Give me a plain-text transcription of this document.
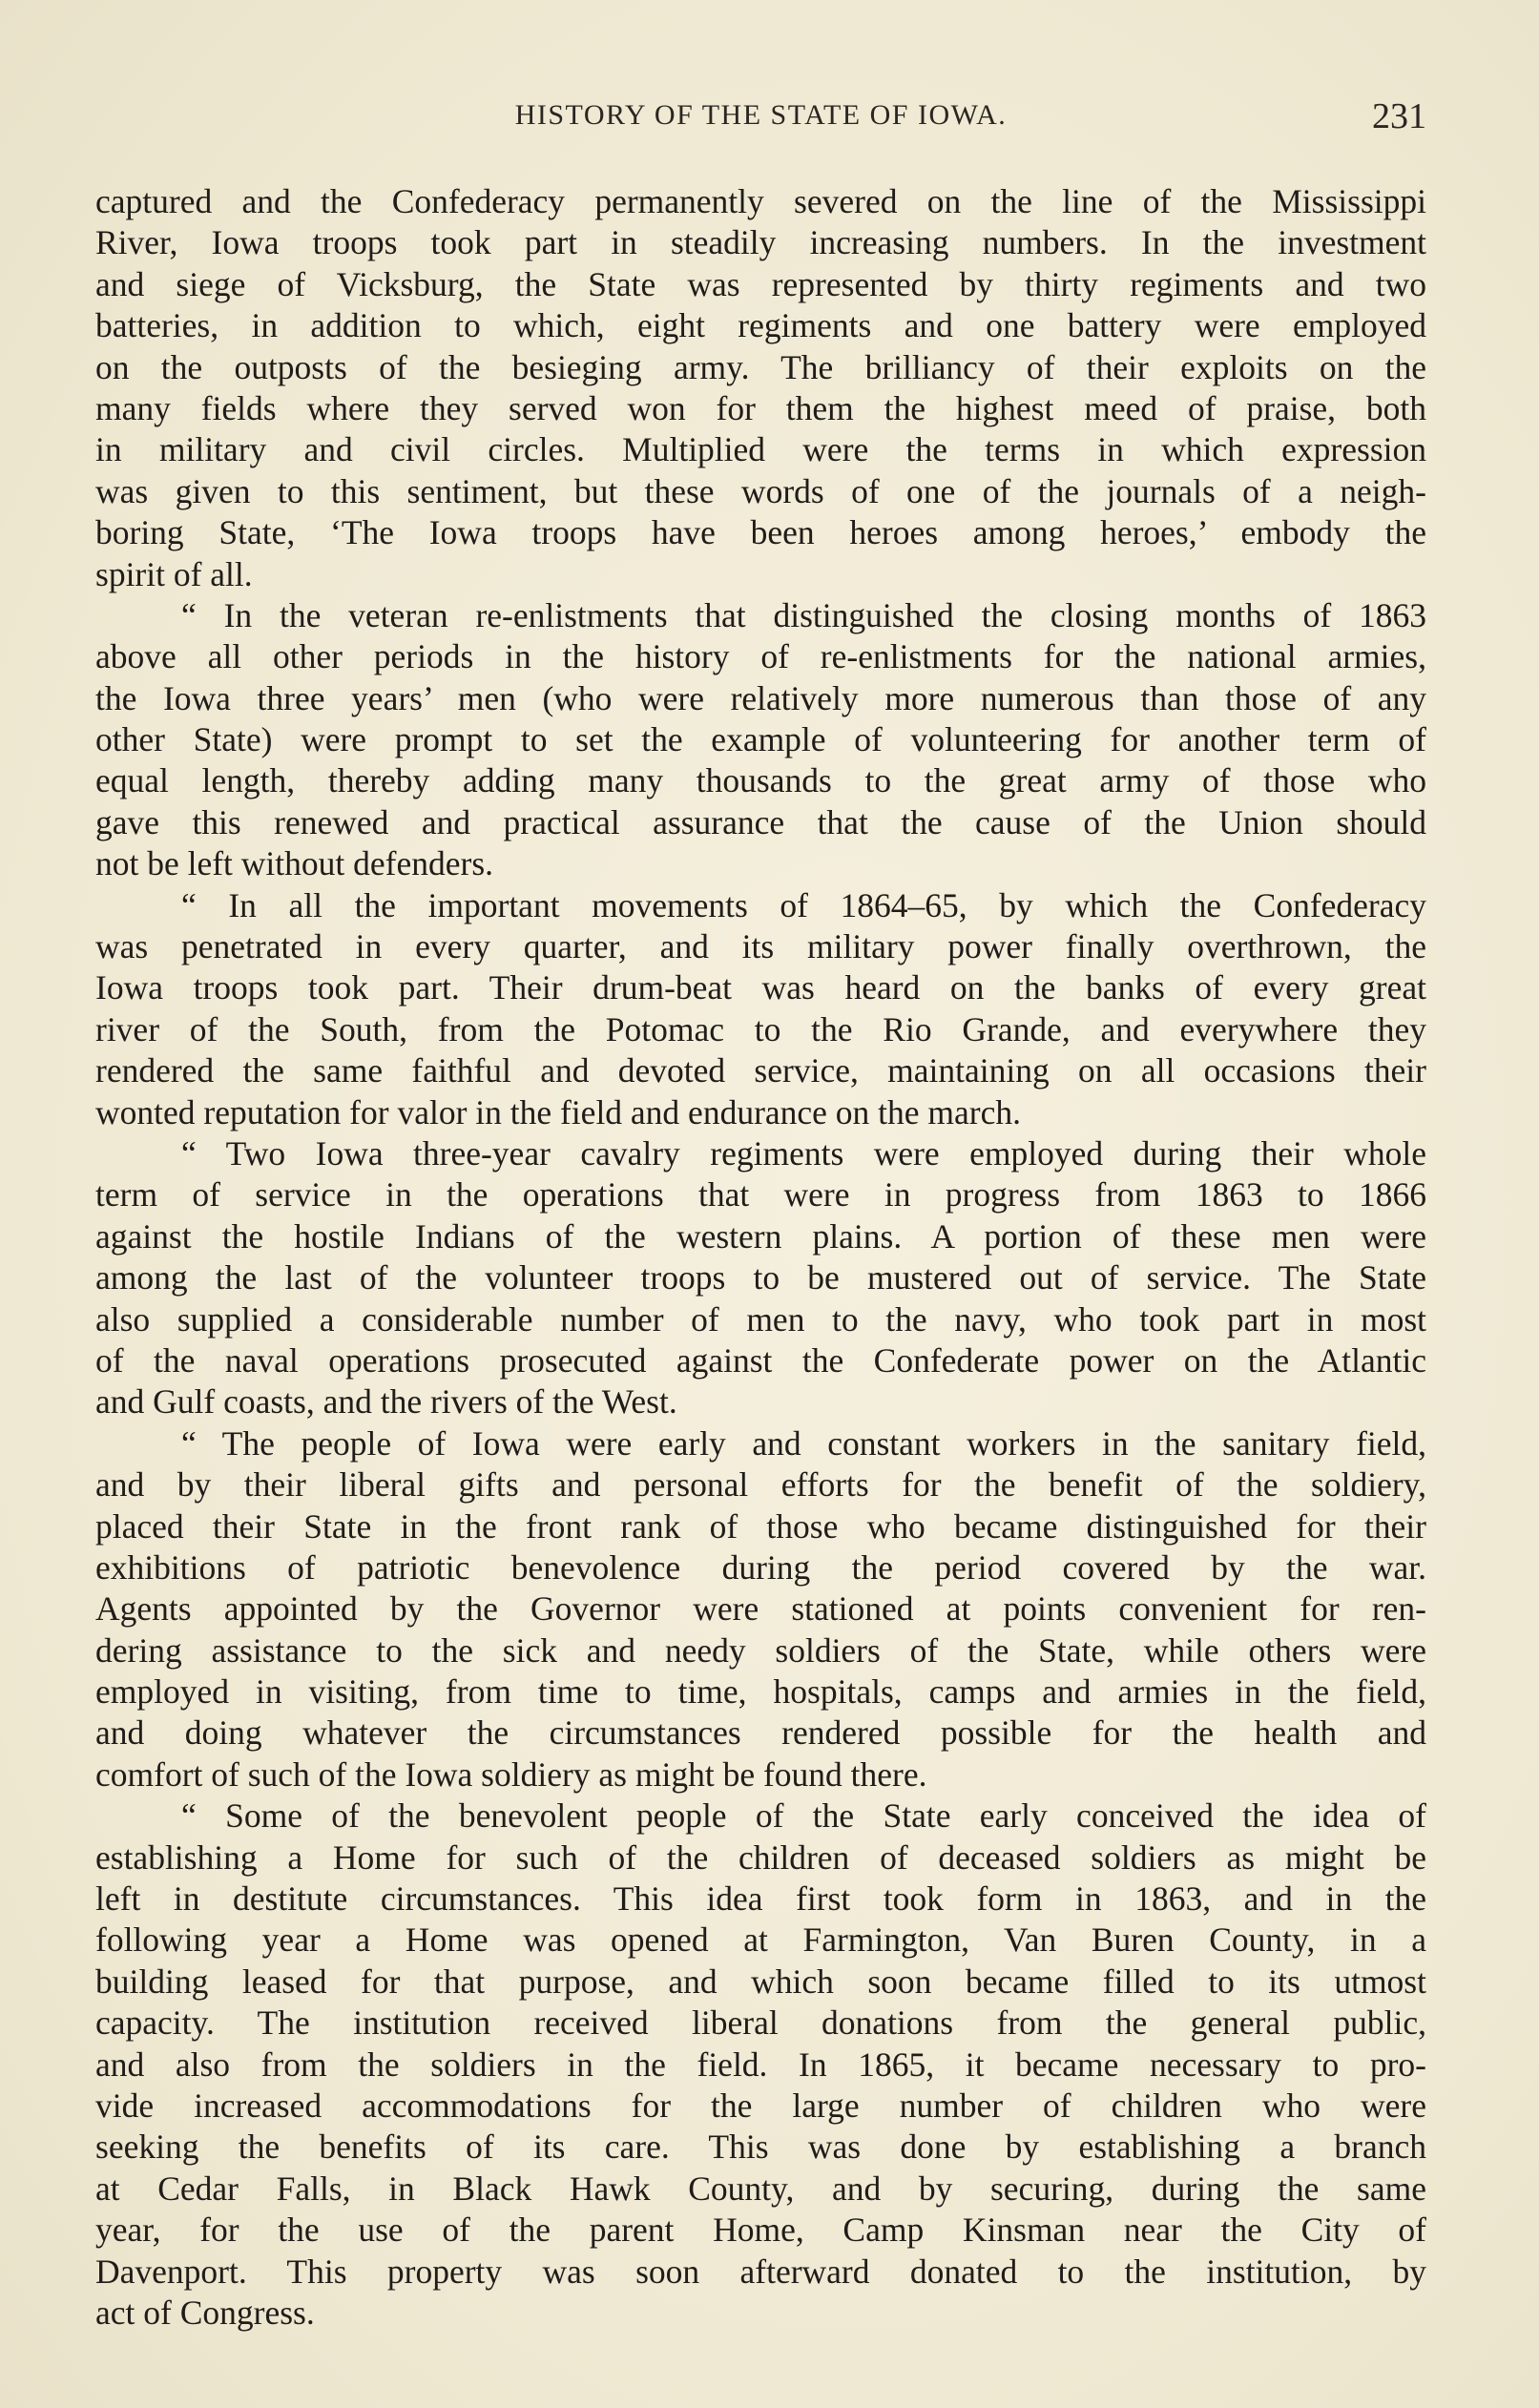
HISTORY OF THE STATE OF IOWA.	231
captured and the Confederacy permanently severed on the line of the Mississippi
River, Iowa troops took part in steadily increasing numbers. In the investment
and siege of Vicksburg, the State was represented by thirty regiments and two
batteries, in addition to which, eight regiments and one battery were employed
on the outposts of the besieging army. The brilliancy of their exploits on the
many fields where they served won for them the highest meed of praise, both
in military and civil circles. Multiplied were the terms in which expression
was given to this sentiment, but these words of one of the journals of a neigh-
boring State, ‘The Iowa troops have been heroes among heroes,’ embody the
spirit of all.
“ In the veteran re-enlistments that distinguished the closing months of 1863
above all other periods in the history of re-enlistments for the national armies,
the Iowa three years’ men (who were relatively more numerous than those of any
other State) were prompt to set the example of volunteering for another term of
equal length, thereby adding many thousands to the great army of those who
gave this renewed and practical assurance that the cause of the Union should
not be left without defenders.
“ In all the important movements of 1864–65, by which the Confederacy
was penetrated in every quarter, and its military power finally overthrown, the
Iowa troops took part. Their drum-beat was heard on the banks of every great
river of the South, from the Potomac to the Rio Grande, and everywhere they
rendered the same faithful and devoted service, maintaining on all occasions their
wonted reputation for valor in the field and endurance on the march.
“ Two Iowa three-year cavalry regiments were employed during their whole
term of service in the operations that were in progress from 1863 to 1866
against the hostile Indians of the western plains. A portion of these men were
among the last of the volunteer troops to be mustered out of service. The State
also supplied a considerable number of men to the navy, who took part in most
of the naval operations prosecuted against the Confederate power on the Atlantic
and Gulf coasts, and the rivers of the West.
“ The people of Iowa were early and constant workers in the sanitary field,
and by their liberal gifts and personal efforts for the benefit of the soldiery,
placed their State in the front rank of those who became distinguished for their
exhibitions of patriotic benevolence during the period covered by the war.
Agents appointed by the Governor were stationed at points convenient for ren-
dering assistance to the sick and needy soldiers of the State, while others were
employed in visiting, from time to time, hospitals, camps and armies in the field,
and doing whatever the circumstances rendered possible for the health and
comfort of such of the Iowa soldiery as might be found there.
“ Some of the benevolent people of the State early conceived the idea of
establishing a Home for such of the children of deceased soldiers as might be
left in destitute circumstances. This idea first took form in 1863, and in the
following year a Home was opened at Farmington, Van Buren County, in a
building leased for that purpose, and which soon became filled to its utmost
capacity. The institution received liberal donations from the general public,
and also from the soldiers in the field. In 1865, it became necessary to pro-
vide increased accommodations for the large number of children who were
seeking the benefits of its care. This was done by establishing a branch
at Cedar Falls, in Black Hawk County, and by securing, during the same
year, for the use of the parent Home, Camp Kinsman near the City of
Davenport. This property was soon afterward donated to the institution, by
act of Congress.
